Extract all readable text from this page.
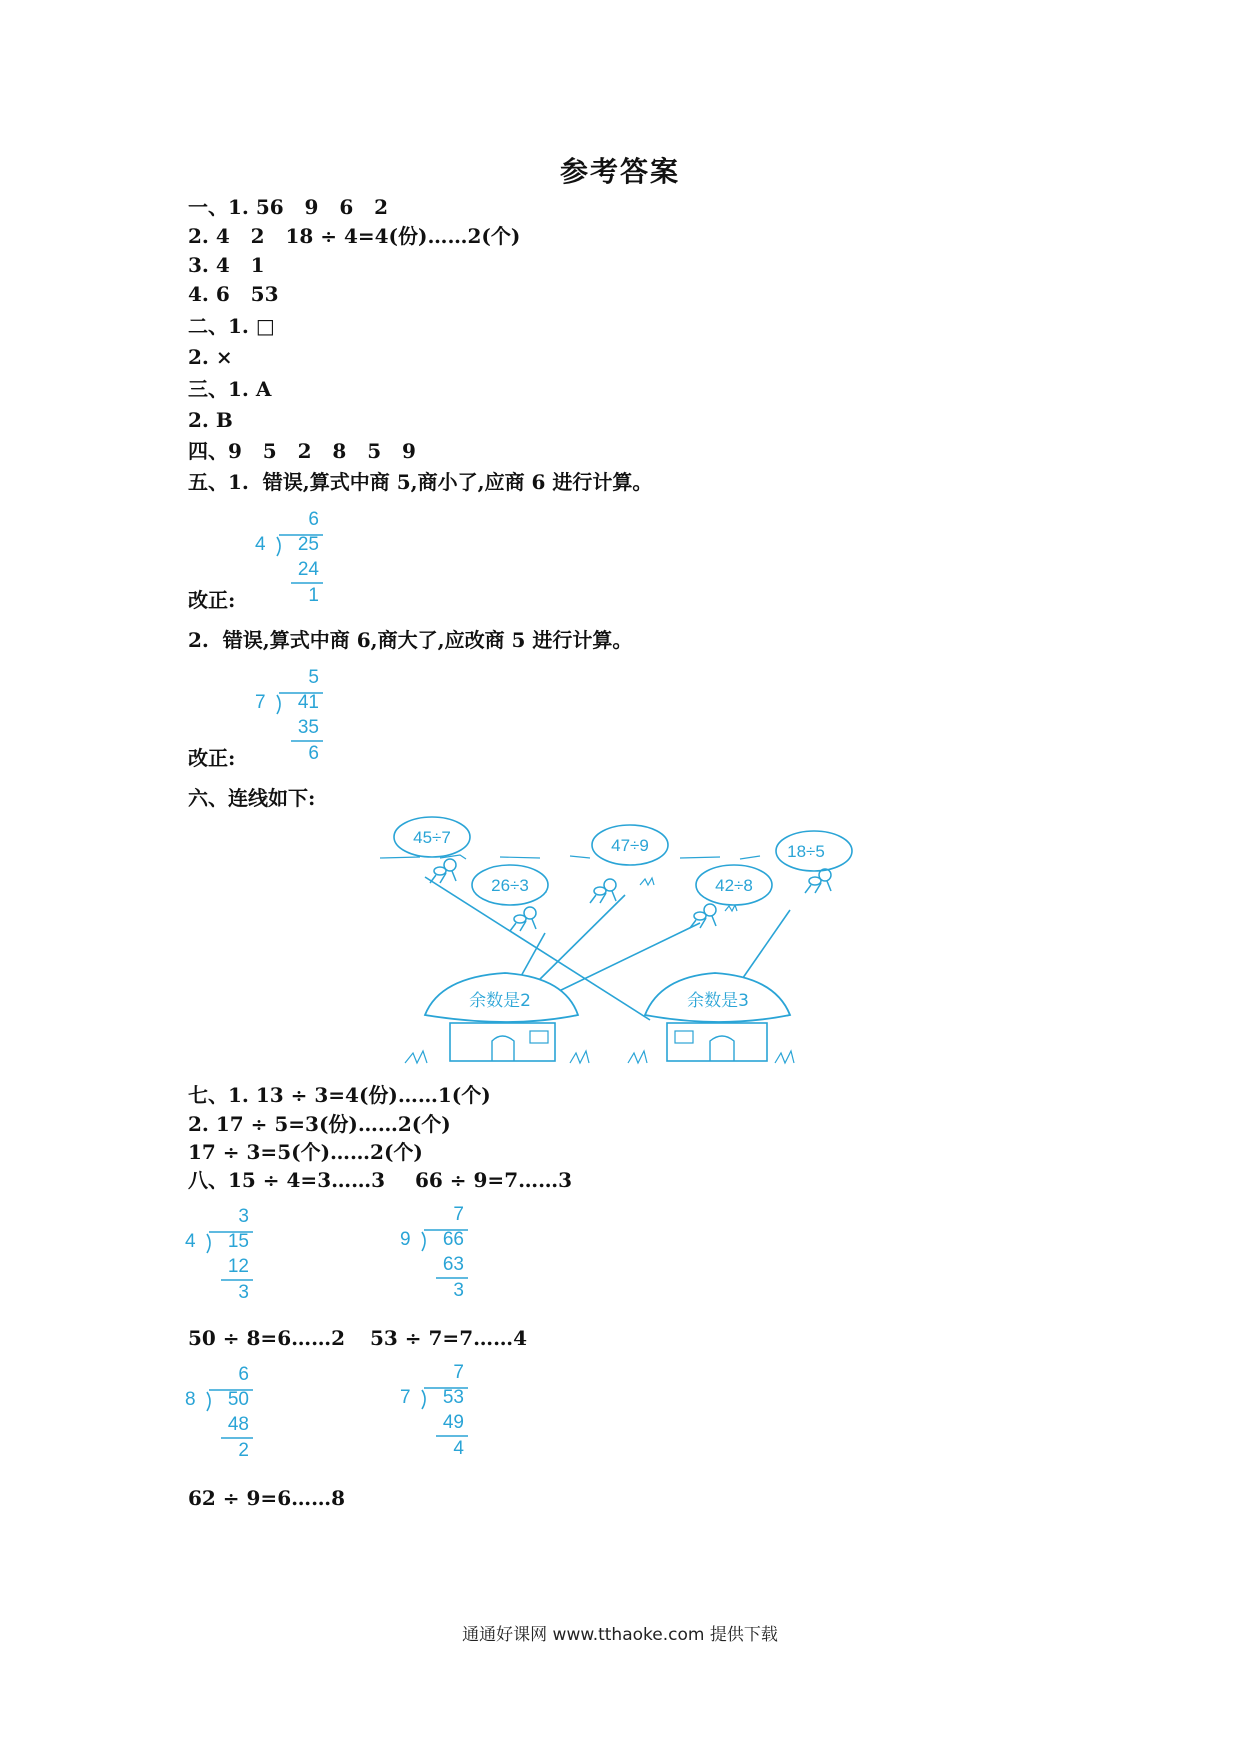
参考答案
一、1. 56   9   6   2
2. 4   2   18 ÷ 4=4(份)……2(个)
3. 4   1
4. 6   53
二、1. □
2. ×
三、1. A
2. B
四、9   5   2   8   5   9
五、1.  错误,算式中商 5,商小了,应商 6 进行计算。
6
4 25
24
1
改正:
2.  错误,算式中商 6,商大了,应改商 5 进行计算。
5
7 41
35
6
改正:
六、连线如下:
45÷7
26÷3
47÷9
42÷8
18÷5
余数是2	余数是3
七、1. 13 ÷ 3=4(份)……1(个)
2. 17 ÷ 5=3(份)……2(个)
17 ÷ 3=5(个)……2(个)
八、15 ÷ 4=3……3 66 ÷ 9=7……3
3
4 15
12
3
7
9 66
63
3
50 ÷ 8=6……2 53 ÷ 7=7……4
6
8 50
48
2
7
7 53
49
4
62 ÷ 9=6……8
通通好课网 www.tthaoke.com 提供下载
